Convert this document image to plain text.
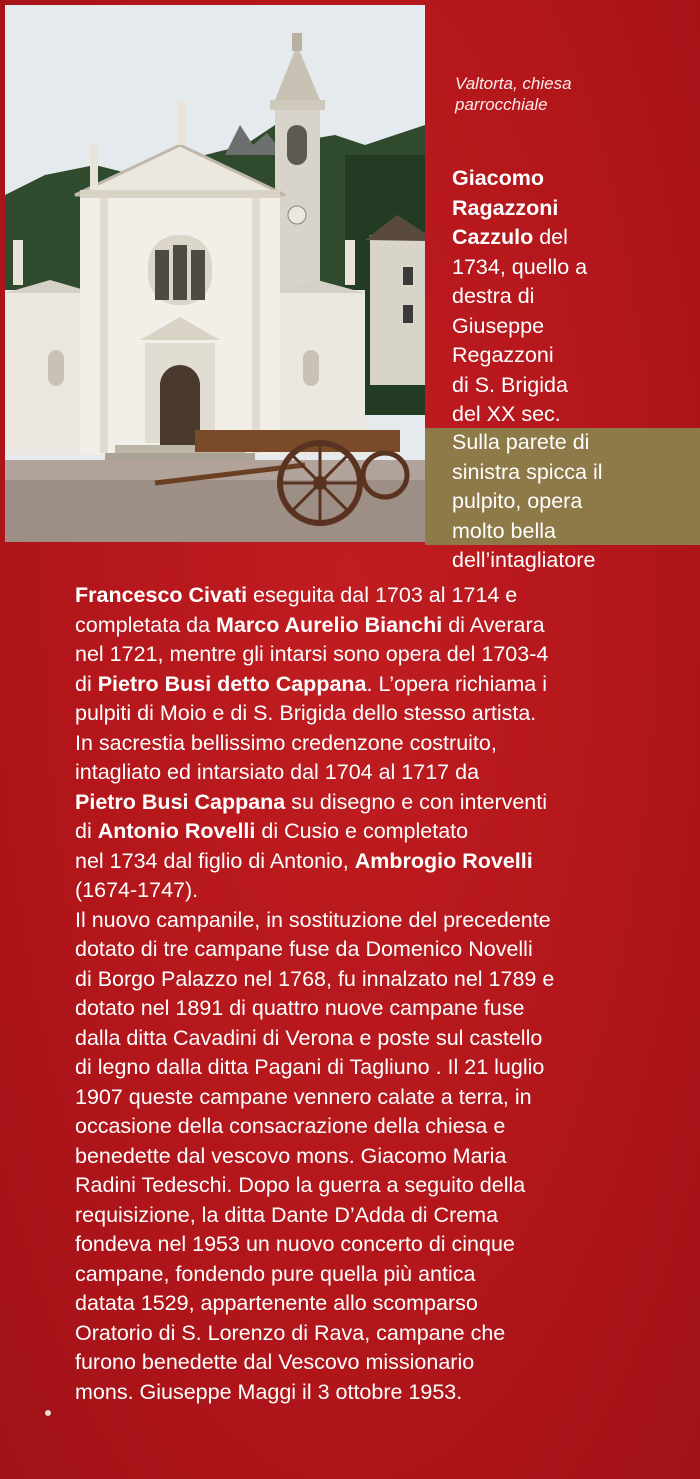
Valtorta, chiesa
parrocchiale
Giacomo
Ragazzoni
Cazzulo del
1734, quello a
destra di
Giuseppe
Regazzoni
di S. Brigida
del XX sec.
Sulla parete di
sinistra spicca il
pulpito, opera
molto bella
dell’intagliatore
Francesco Civati eseguita dal 1703 al 1714 e
completata da Marco Aurelio Bianchi di Averara
nel 1721, mentre gli intarsi sono opera del 1703-4
di Pietro Busi detto Cappana. L’opera richiama i
pulpiti di Moio e di S. Brigida dello stesso artista.
In sacrestia bellissimo credenzone costruito,
intagliato ed intarsiato dal 1704 al 1717 da
Pietro Busi Cappana su disegno e con interventi
di Antonio Rovelli di Cusio e completato
nel 1734 dal figlio di Antonio, Ambrogio Rovelli
(1674-1747).
Il nuovo campanile, in sostituzione del precedente
dotato di tre campane fuse da Domenico Novelli
di Borgo Palazzo nel 1768, fu innalzato nel 1789 e
dotato nel 1891 di quattro nuove campane fuse
dalla ditta Cavadini di Verona e poste sul castello
di legno dalla ditta Pagani di Tagliuno . Il 21 luglio
1907 queste campane vennero calate a terra, in
occasione della consacrazione della chiesa e
benedette dal vescovo mons. Giacomo Maria
Radini Tedeschi. Dopo la guerra a seguito della
requisizione, la ditta Dante D’Adda di Crema
fondeva nel 1953 un nuovo concerto di cinque
campane, fondendo pure quella più antica
datata 1529, appartenente allo scomparso
Oratorio di S. Lorenzo di Rava, campane che
furono benedette dal Vescovo missionario
mons. Giuseppe Maggi il 3 ottobre 1953.
